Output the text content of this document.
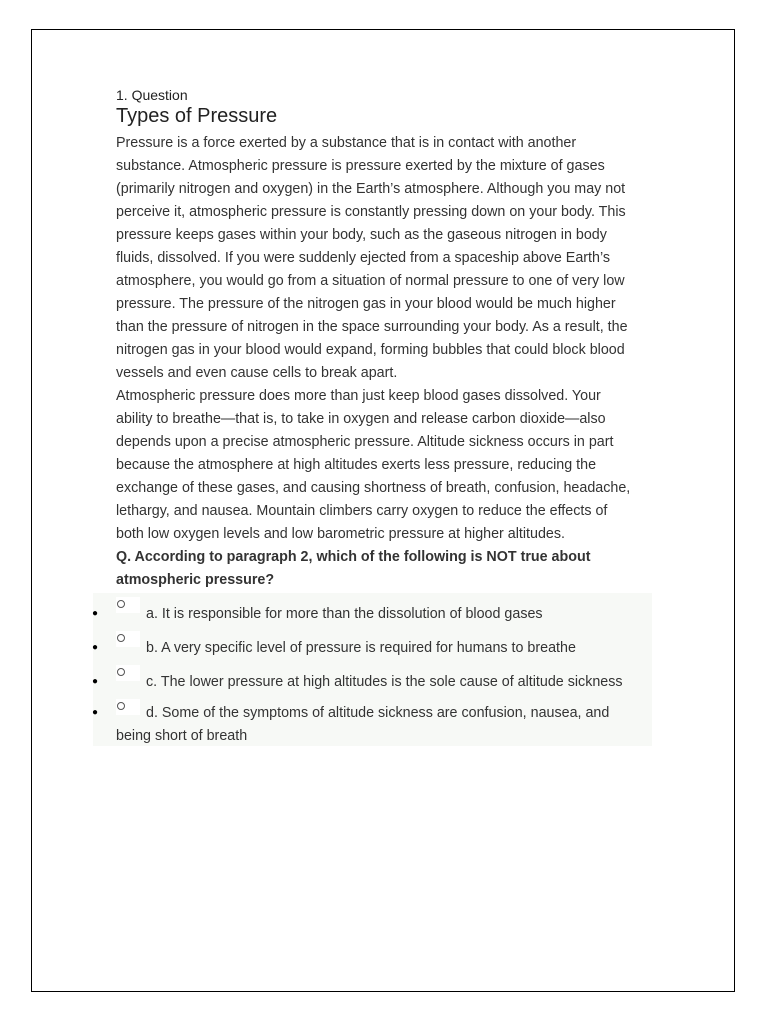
1. Question
Types of Pressure

Pressure is a force exerted by a substance that is in contact with another

substance. Atmospheric pressure is pressure exerted by the mixture of gases

(primarily nitrogen and oxygen) in the Earth’s atmosphere. Although you may not

perceive it, atmospheric pressure is constantly pressing down on your body. This

pressure keeps gases within your body, such as the gaseous nitrogen in body

fluids, dissolved. If you were suddenly ejected from a spaceship above Earth’s

atmosphere, you would go from a situation of normal pressure to one of very low

pressure. The pressure of the nitrogen gas in your blood would be much higher

than the pressure of nitrogen in the space surrounding your body. As a result, the

nitrogen gas in your blood would expand, forming bubbles that could block blood

vessels and even cause cells to break apart.

Atmospheric pressure does more than just keep blood gases dissolved. Your

ability to breathe—that is, to take in oxygen and release carbon dioxide—also

depends upon a precise atmospheric pressure. Altitude sickness occurs in part

because the atmosphere at high altitudes exerts less pressure, reducing the

exchange of these gases, and causing shortness of breath, confusion, headache,

lethargy, and nausea. Mountain climbers carry oxygen to reduce the effects of

both low oxygen levels and low barometric pressure at higher altitudes.

Q. According to paragraph 2, which of the following is NOT true about

atmospheric pressure?

●	a. It is responsible for more than the dissolution of blood gases
●	b. A very specific level of pressure is required for humans to breathe
●	c. The lower pressure at high altitudes is the sole cause of altitude sickness
●	d. Some of the symptoms of altitude sickness are confusion, nausea, and being short of breath
